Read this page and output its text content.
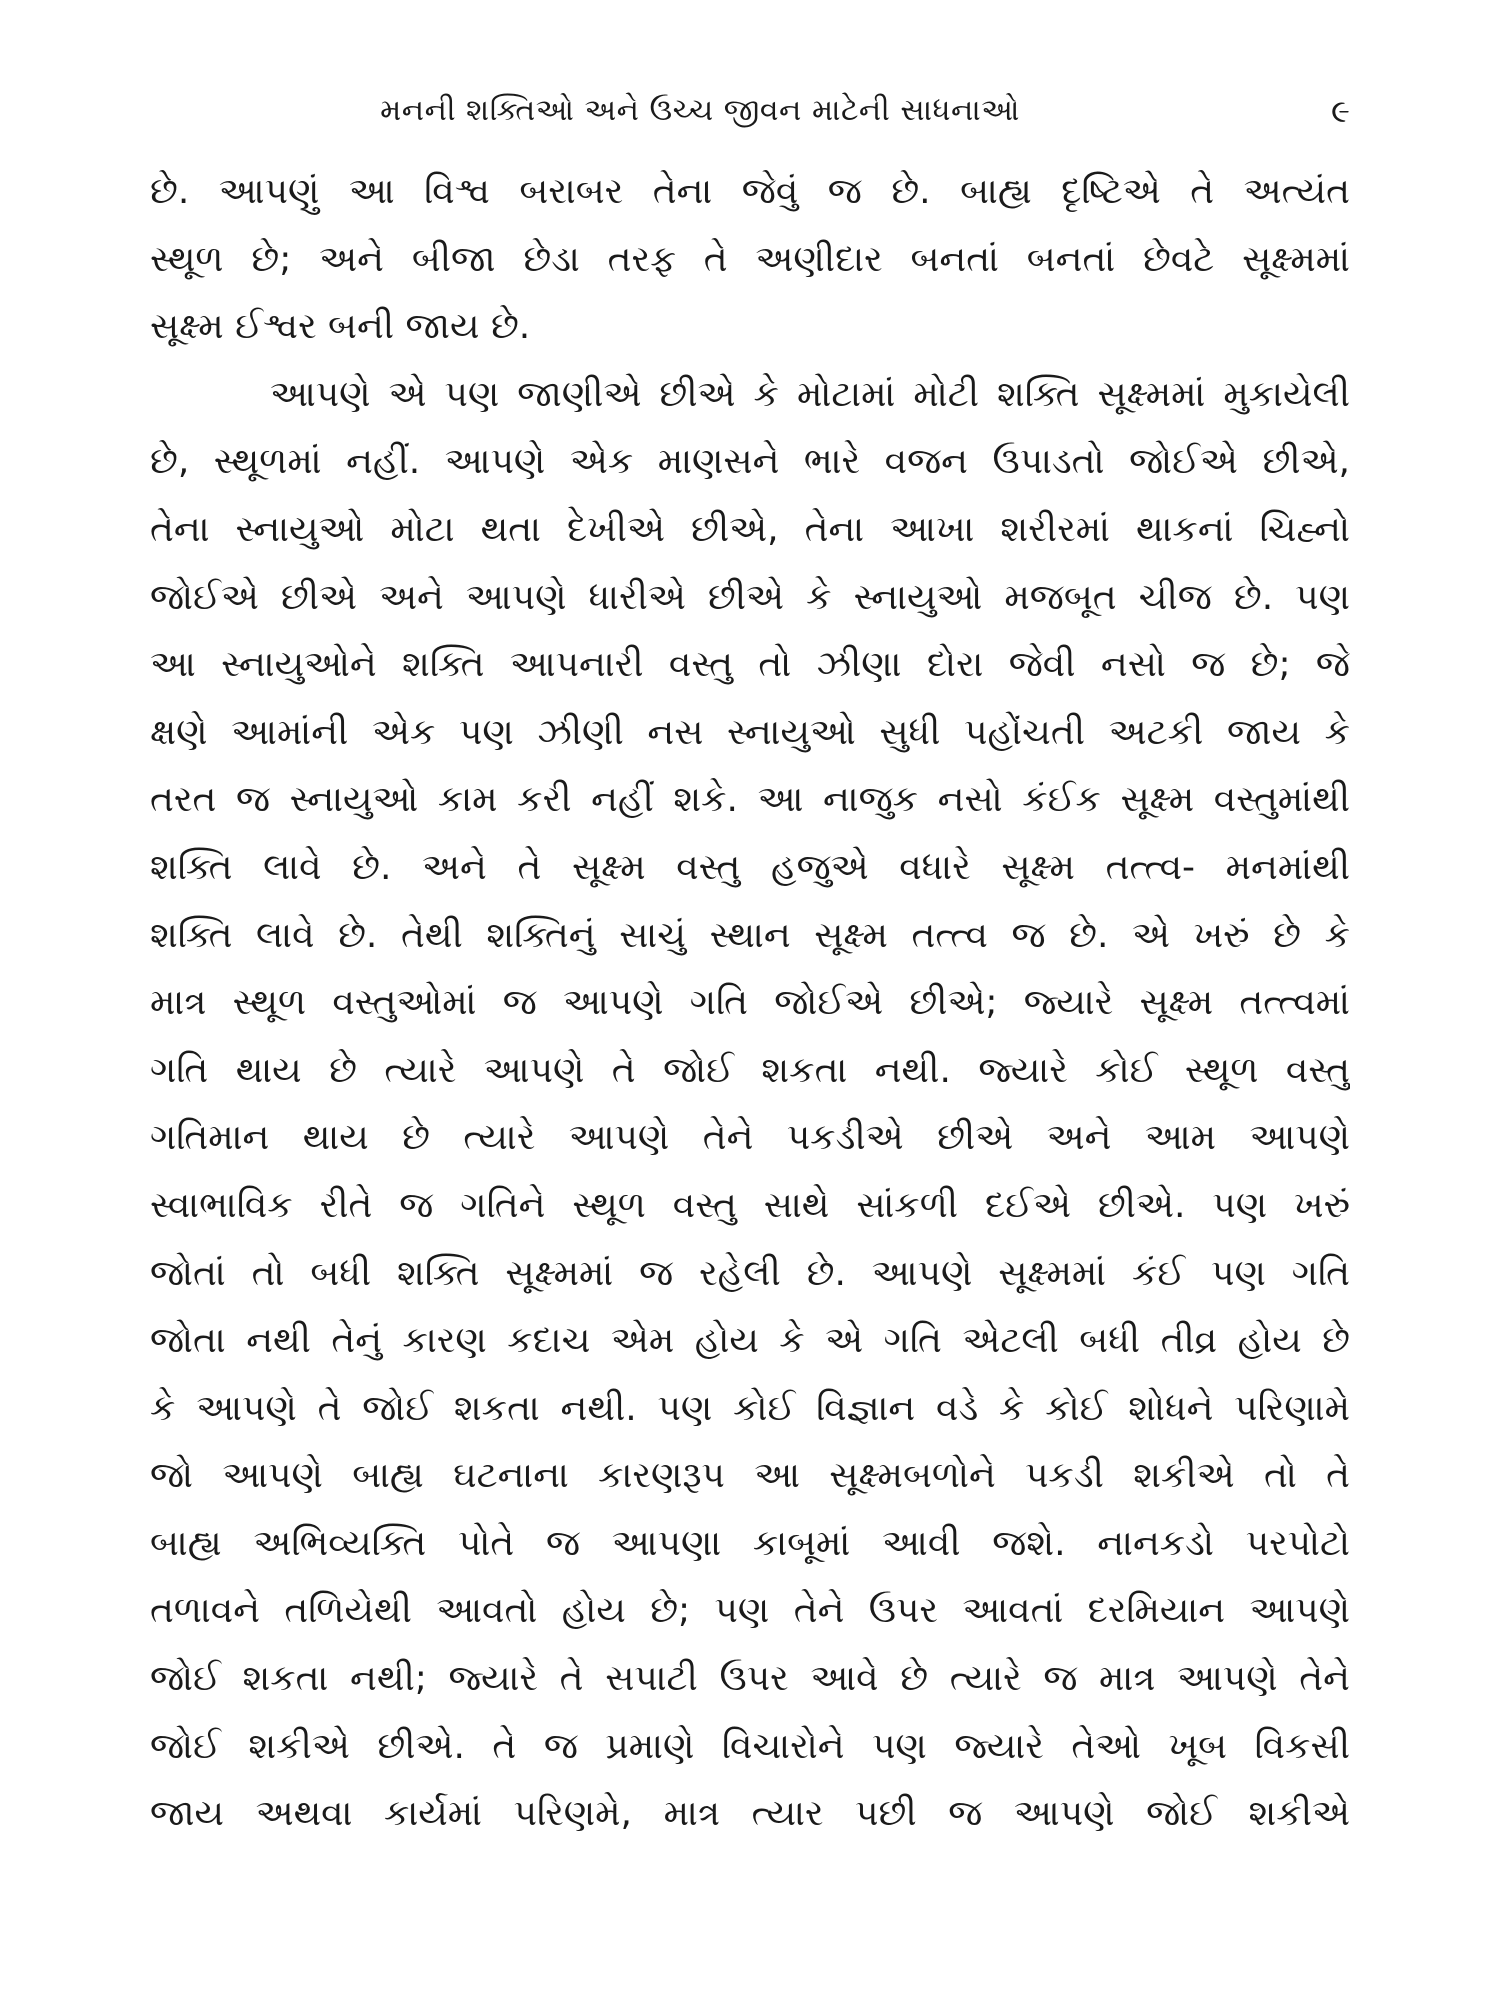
મનની શક્તિઓ અને ઉચ્ચ જીવન માટેની સાધનાઓ	૯
છે. આપણું આ વિશ્વ બરાબર તેના જેવું જ છે. બાહ્ય દૃષ્ટિએ તે અત્યંત
સ્થૂળ છે; અને બીજા છેડા તરફ તે અણીદાર બનતાં બનતાં છેવટે સૂક્ષ્મમાં
સૂક્ષ્મ ઈશ્વર બની જાય છે.
આપણે એ પણ જાણીએ છીએ કે મોટામાં મોટી શક્તિ સૂક્ષ્મમાં મુકાયેલી
છે, સ્થૂળમાં નહીં. આપણે એક માણસને ભારે વજન ઉપાડતો જોઈએ છીએ,
તેના સ્નાયુઓ મોટા થતા દેખીએ છીએ, તેના આખા શરીરમાં થાકનાં ચિહ્નો
જોઈએ છીએ અને આપણે ધારીએ છીએ કે સ્નાયુઓ મજબૂત ચીજ છે. પણ
આ સ્નાયુઓને શક્તિ આપનારી વસ્તુ તો ઝીણા દોરા જેવી નસો જ છે; જે
ક્ષણે આમાંની એક પણ ઝીણી નસ સ્નાયુઓ સુધી પહોંચતી અટકી જાય કે
તરત જ સ્નાયુઓ કામ કરી નહીં શકે. આ નાજુક નસો કંઈક સૂક્ષ્મ વસ્તુમાંથી
શક્તિ લાવે છે. અને તે સૂક્ષ્મ વસ્તુ હજુએ વધારે સૂક્ષ્મ તત્ત્વ- મનમાંથી
શક્તિ લાવે છે. તેથી શક્તિનું સાચું સ્થાન સૂક્ષ્મ તત્ત્વ જ છે. એ ખરું છે કે
માત્ર સ્થૂળ વસ્તુઓમાં જ આપણે ગતિ જોઈએ છીએ; જ્યારે સૂક્ષ્મ તત્ત્વમાં
ગતિ થાય છે ત્યારે આપણે તે જોઈ શકતા નથી. જ્યારે કોઈ સ્થૂળ વસ્તુ
ગતિમાન થાય છે ત્યારે આપણે તેને પકડીએ છીએ અને આમ આપણે
સ્વાભાવિક રીતે જ ગતિને સ્થૂળ વસ્તુ સાથે સાંકળી દઈએ છીએ. પણ ખરું
જોતાં તો બધી શક્તિ સૂક્ષ્મમાં જ રહેલી છે. આપણે સૂક્ષ્મમાં કંઈ પણ ગતિ
જોતા નથી તેનું કારણ કદાચ એમ હોય કે એ ગતિ એટલી બધી તીવ્ર હોય છે
કે આપણે તે જોઈ શકતા નથી. પણ કોઈ વિજ્ઞાન વડે કે કોઈ શોધને પરિણામે
જો આપણે બાહ્ય ઘટનાના કારણરૂપ આ સૂક્ષ્મબળોને પકડી શકીએ તો તે
બાહ્ય અભિવ્યક્તિ પોતે જ આપણા કાબૂમાં આવી જશે. નાનકડો પરપોટો
તળાવને તળિયેથી આવતો હોય છે; પણ તેને ઉપર આવતાં દરમિયાન આપણે
જોઈ શકતા નથી; જ્યારે તે સપાટી ઉપર આવે છે ત્યારે જ માત્ર આપણે તેને
જોઈ શકીએ છીએ. તે જ પ્રમાણે વિચારોને પણ જ્યારે તેઓ ખૂબ વિકસી
જાય અથવા કાર્યમાં પરિણમે, માત્ર ત્યાર પછી જ આપણે જોઈ શકીએ
